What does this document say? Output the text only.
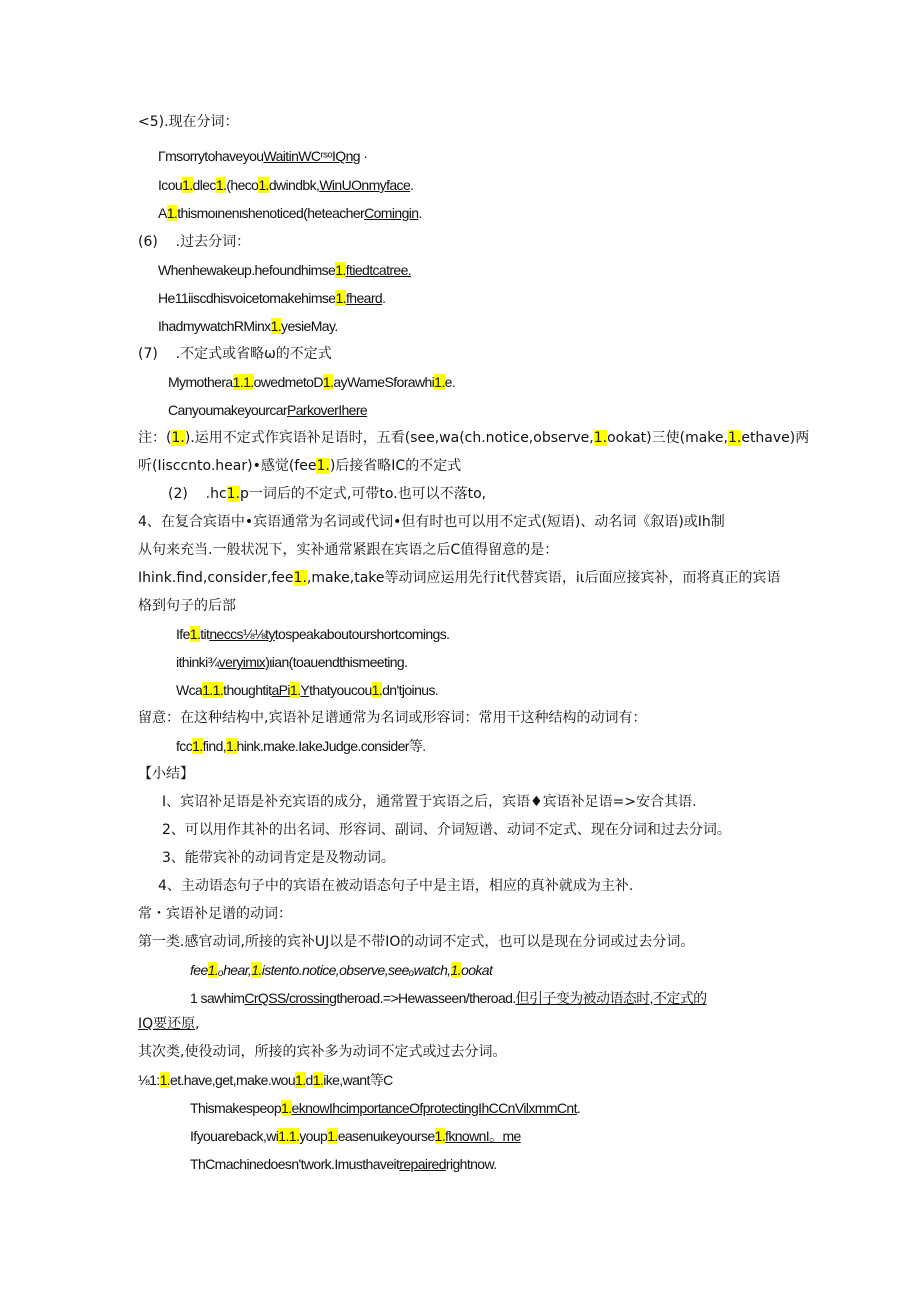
<5).现在分词：
ΓmsorrytohaveyouWaitinWCʳˢᵒIQng ·
Icou1.dlec1.(heco1.dwindbk,WinUOnmyface.
A1.thismoιnenιshenoticed(heteacherComingin.
(6)    .过去分词：
Whenhewakeup.hefoundhimse1.ftiedtcatree.
He11iiscdhisvoicetomakehimse1.fheard.
IhadmywatchRMinx1.yesieMay.
(7)    .不定式或省略ω的不定式
Mymothera1.1.owedmetoD1.ayWameSforawhi1.e.
CanyoumakeyourcarParkoverIhere
注：(1.).运用不定式作宾语补足语时，五看(see,wa(ch.notice,observe,1.ookat)三使(make,1.ethave)两
听(Iisccnto.hear)•感觉(fee1.)后接省略IC的不定式
(2)    .hc1.p一词后的不定式,可带to.也可以不落to,
4、在复合宾语中•宾语通常为名词或代词•但有时也可以用不定式(短语)、动名词《叙语)或Ih制
从句来充当.一般状况下，实补通常紧跟在宾语之后C值得留意的是：
Ihink.find,consider,fee1.,make,take等动词应运用先行it代替宾语，iι后面应接宾补，而将真正的宾语
格到句子的后部
Ife1.titneccs⅛⅛tytospeakaboutourshortcomings.
ithinki¾veryimιx)ιian(toauendthismeeting.
Wca1.1.thoughtitaPi1.Ythatyoucou1.dn'tjoinus.
留意：在这种结构中,宾语补足谱通常为名词或形容词：常用干这种结构的动词有：
fcc1.find,1.hink.make.IakeJudge.consider等.
【小结】
I、宾诏补足语是补充宾语的成分，通常置于宾语之后，宾语♦宾语补足语=>安合其语.
2、可以用作其补的出名词、形容词、副词、介词短谱、动词不定式、现在分词和过去分词。
3、能带宾补的动词肯定是及物动词。
4、主动语态句子中的宾语在被动语态句子中是主语，相应的真补就成为主补.
常・宾语补足谱的动词：
第一类.感官动词,所接的宾补UJ以是不带IO的动词不定式，也可以是现在分词或过去分词。
fee1.ₒhear,1.istento.notice,observe,seeₒwatch,1.ookat
1 sawhimCrQSS/crossingtheroad.=>Hewasseen/theroad.但引子变为被动语态时,不定式的
IQ要还原,
其次类,使役动词，所接的宾补多为动词不定式或过去分词。
⅛1:1.et.have,get,make.wou1.d1.ike,want等C
Thismakespeop1.eknowIhcimportanceOfprotectingIhCCnVilxmmCnt.
Ifyouareback,wi1.1.youp1.easenuιkeyourse1.fknownI。me
ThCmachinedoesn'twork.Imusthaveitrepairedrightnow.
